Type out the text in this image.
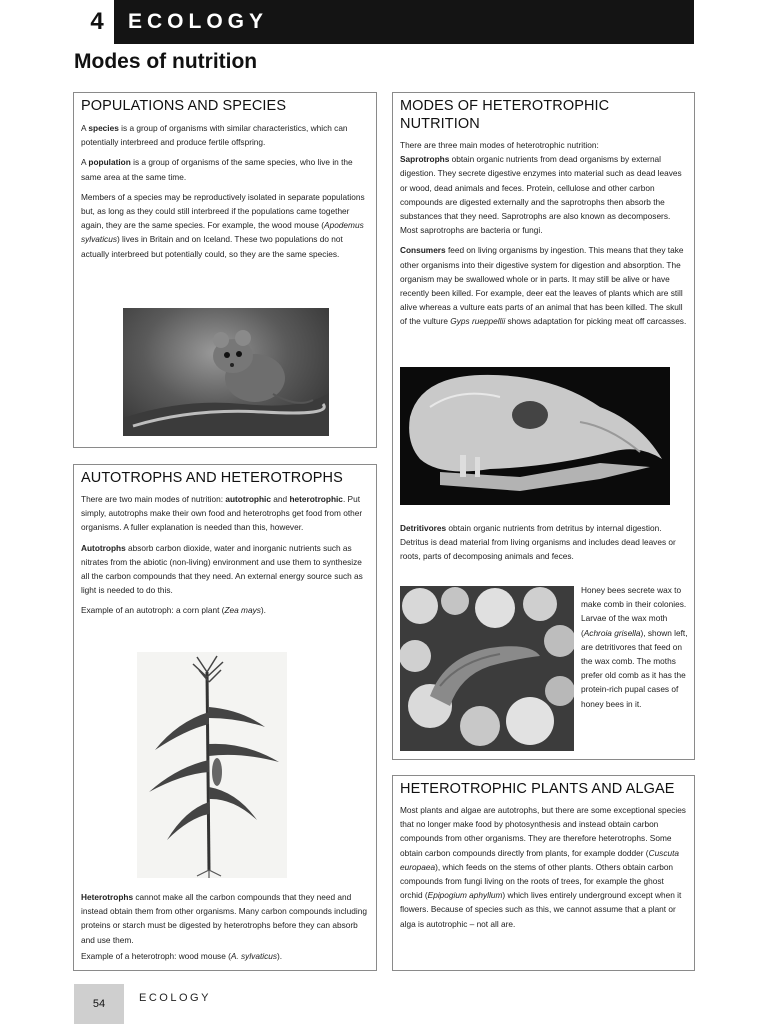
4	ECOLOGY
Modes of nutrition
POPULATIONS AND SPECIES

A species is a group of organisms with similar characteristics, which can potentially interbreed and produce fertile offspring.

A population is a group of organisms of the same species, who live in the same area at the same time.

Members of a species may be reproductively isolated in separate populations but, as long as they could still interbreed if the populations came together again, they are the same species. For example, the wood mouse (Apodemus sylvaticus) lives in Britain and on Iceland. These two populations do not actually interbreed but potentially could, so they are the same species.

AUTOTROPHS AND HETEROTROPHS

There are two main modes of nutrition: autotrophic and heterotrophic. Put simply, autotrophs make their own food and heterotrophs get food from other organisms. A fuller explanation is needed than this, however.

Autotrophs absorb carbon dioxide, water and inorganic nutrients such as nitrates from the abiotic (non-living) environment and use them to synthesize all the carbon compounds that they need. An external energy source such as light is needed to do this.

Example of an autotroph: a corn plant (Zea mays).

Heterotrophs cannot make all the carbon compounds that they need and instead obtain them from other organisms. Many carbon compounds including proteins or starch must be digested by heterotrophs before they can absorb and use them.

Example of a heterotroph: wood mouse (A. sylvaticus).

MODES OF HETEROTROPHIC NUTRITION

There are three main modes of heterotrophic nutrition:

Saprotrophs obtain organic nutrients from dead organisms by external digestion. They secrete digestive enzymes into material such as dead leaves or wood, dead animals and feces. Protein, cellulose and other carbon compounds are digested externally and the saprotrophs then absorb the substances that they need. Saprotrophs are also known as decomposers. Most saprotrophs are bacteria or fungi.

Consumers feed on living organisms by ingestion. This means that they take other organisms into their digestive system for digestion and absorption. The organism may be swallowed whole or in parts. It may still be alive or have recently been killed. For example, deer eat the leaves of plants which are still alive whereas a vulture eats parts of an animal that has been killed. The skull of the vulture Gyps rueppellii shows adaptation for picking meat off carcasses.

Detritivores obtain organic nutrients from detritus by internal digestion. Detritus is dead material from living organisms and includes dead leaves or roots, parts of decomposing animals and feces.

Honey bees secrete wax to make comb in their colonies. Larvae of the wax moth (Achroia grisella), shown left, are detritivores that feed on the wax comb. The moths prefer old comb as it has the protein-rich pupal cases of honey bees in it.

HETEROTROPHIC PLANTS AND ALGAE

Most plants and algae are autotrophs, but there are some exceptional species that no longer make food by photosynthesis and instead obtain carbon compounds from other organisms. They are therefore heterotrophs. Some obtain carbon compounds directly from plants, for example dodder (Cuscuta europaea), which feeds on the stems of other plants. Others obtain carbon compounds from fungi living on the roots of trees, for example the ghost orchid (Epipogium aphyllum) which lives entirely underground except when it flowers. Because of species such as this, we cannot assume that a plant or alga is autotrophic – not all are.

54	ECOLOGY
